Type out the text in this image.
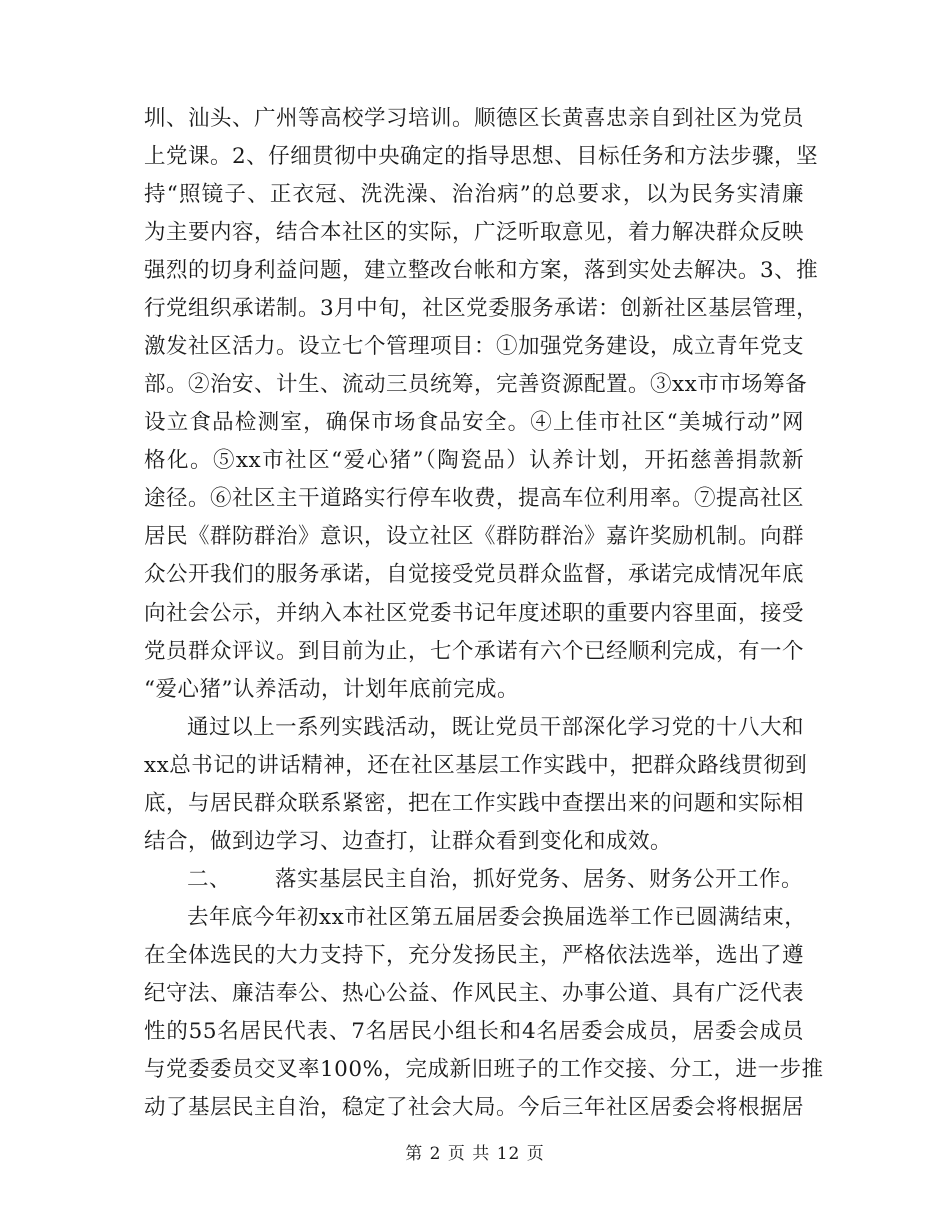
圳、汕头、广州等高校学习培训。顺德区长黄喜忠亲自到社区为党员
上党课。2、仔细贯彻中央确定的指导思想、目标任务和方法步骤，坚
持“照镜子、正衣冠、洗洗澡、治治病”的总要求，以为民务实清廉
为主要内容，结合本社区的实际，广泛听取意见，着力解决群众反映
强烈的切身利益问题，建立整改台帐和方案，落到实处去解决。3、推
行党组织承诺制。3月中旬，社区党委服务承诺：创新社区基层管理，
激发社区活力。设立七个管理项目：①加强党务建设，成立青年党支
部。②治安、计生、流动三员统筹，完善资源配置。③xx市市场筹备
设立食品检测室，确保市场食品安全。④上佳市社区“美城行动”网
格化。⑤xx市社区“爱心猪”（陶瓷品）认养计划，开拓慈善捐款新
途径。⑥社区主干道路实行停车收费，提高车位利用率。⑦提高社区
居民《群防群治》意识，设立社区《群防群治》嘉许奖励机制。向群
众公开我们的服务承诺，自觉接受党员群众监督，承诺完成情况年底
向社会公示，并纳入本社区党委书记年度述职的重要内容里面，接受
党员群众评议。到目前为止，七个承诺有六个已经顺利完成，有一个
“爱心猪”认养活动，计划年底前完成。
通过以上一系列实践活动，既让党员干部深化学习党的十八大和
xx总书记的讲话精神，还在社区基层工作实践中，把群众路线贯彻到
底，与居民群众联系紧密，把在工作实践中查摆出来的问题和实际相
结合，做到边学习、边查打，让群众看到变化和成效。
二、 落实基层民主自治，抓好党务、居务、财务公开工作。
去年底今年初xx市社区第五届居委会换届选举工作已圆满结束，
在全体选民的大力支持下，充分发扬民主，严格依法选举，选出了遵
纪守法、廉洁奉公、热心公益、作风民主、办事公道、具有广泛代表
性的55名居民代表、7名居民小组长和4名居委会成员，居委会成员
与党委委员交叉率100%，完成新旧班子的工作交接、分工，进一步推
动了基层民主自治，稳定了社会大局。今后三年社区居委会将根据居
第 2 页 共 12 页
